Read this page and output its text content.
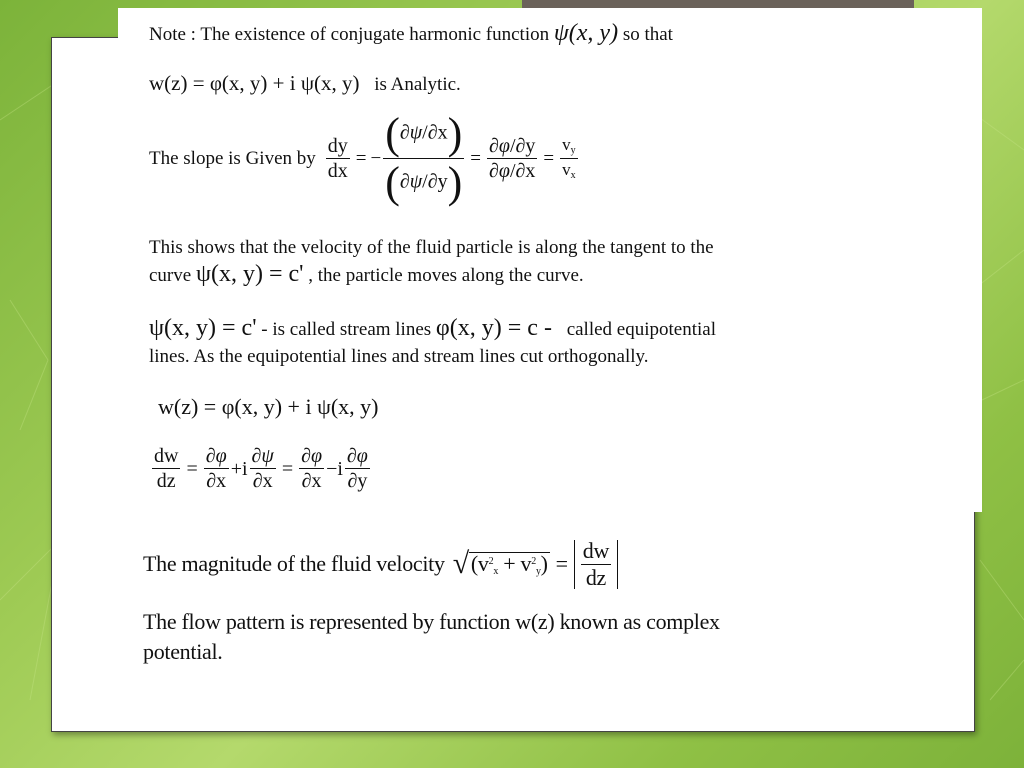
Note : The existence of conjugate harmonic function ψ(x, y) so that
w(z) = φ(x, y) + i ψ(x, y) is Analytic.
The slope is Given by $\frac{dy}{dx}$ = − $\frac{(\partial\psi/\partial x)}{(\partial\psi/\partial y)} = \frac{\partial\varphi/\partial y}{\partial\varphi/\partial x} = \frac{v_y}{v_x}$
This shows that the velocity of the fluid particle is along the tangent to the
curve ψ(x, y) = c' , the particle moves along the curve.
ψ(x, y) = c' - is called stream lines φ(x, y) = c - called equipotential
lines. As the equipotential lines and stream lines cut orthogonally.
w(z) = φ(x, y) + i ψ(x, y)
$\frac{dw}{dz} = \frac{\partial\varphi}{\partial x} + i \frac{\partial\psi}{\partial x} = \frac{\partial\varphi}{\partial x} - i \frac{\partial\varphi}{\partial y}$
The magnitude of the fluid velocity √ $(v^2_x + v^2_y) = \frac{dw}{dz}$
The flow pattern is represented by function w(z) known as complex
potential.
